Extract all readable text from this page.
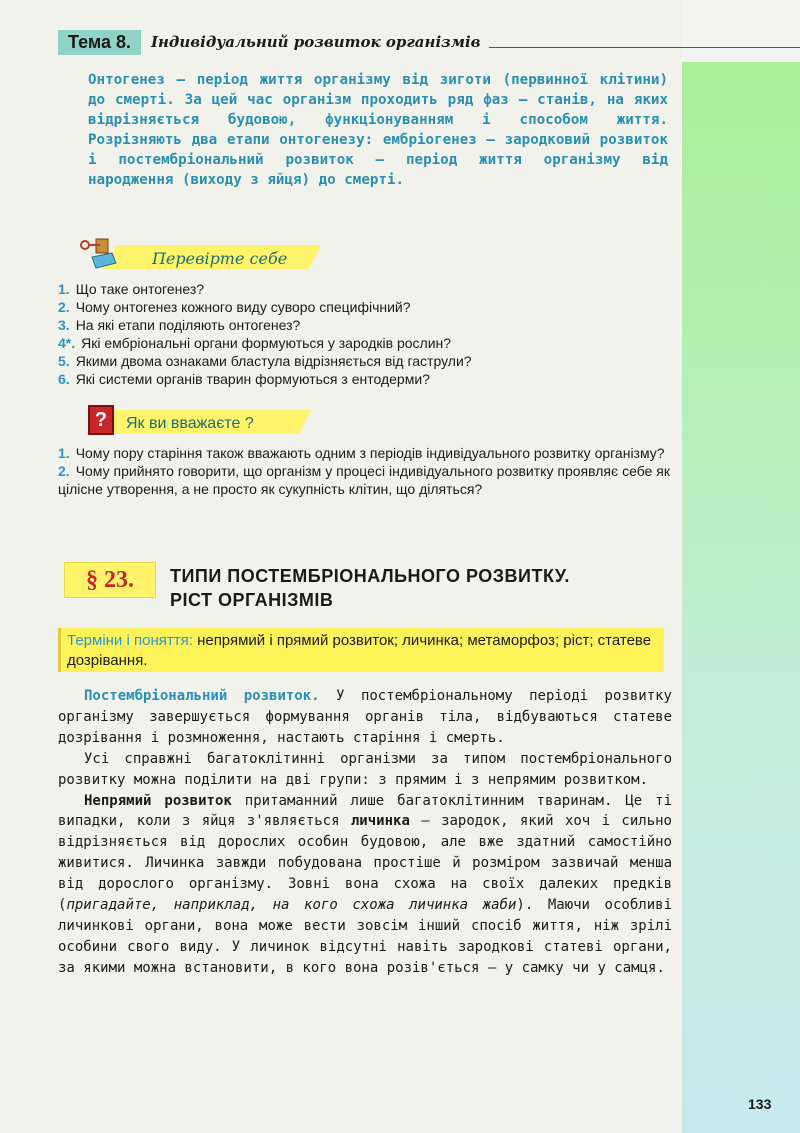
Тема 8.	Індивідуальний розвиток організмів

Онтогенез — період життя організму від зиготи (первинної клітини) до смерті. За цей час організм проходить ряд фаз — станів, на яких відрізняється будовою, функціонуванням і способом життя. Розрізняють два етапи онтогенезу: ембріогенез — зародковий розвиток і постембріональний розвиток — період життя організму від народження (виходу з яйця) до смерті.

Перевірте себе
1. Що таке онтогенез?
2. Чому онтогенез кожного виду суворо специфічний?
3. На які етапи поділяють онтогенез?
4*. Які ембріональні органи формуються у зародків рослин?
5. Якими двома ознаками бластула відрізняється від гаструли?
6. Які системи органів тварин формуються з ентодерми?
?	Як ви вважаєте ?
1. Чому пору старіння також вважають одним з періодів індивідуального розвитку організму?
2. Чому прийнято говорити, що організм у процесі індивідуального розвитку проявляє себе як цілісне утворення, а не просто як сукупність клітин, що діляться?
§ 23.	ТИПИ ПОСТЕМБРІОНАЛЬНОГО РОЗВИТКУ.
РІСТ ОРГАНІЗМІВ
Терміни і поняття: непрямий і прямий розвиток; личинка; метаморфоз; ріст; статеве дозрівання.

Постембріональний розвиток. У постембріональному періоді розвитку організму завершується формування органів тіла, відбуваються статеве дозрівання і розмноження, настають старіння і смерть.

Усі справжні багатоклітинні організми за типом постембріонального розвитку можна поділити на дві групи: з прямим і з непрямим розвитком.

Непрямий розвиток притаманний лише багатоклітинним тваринам. Це ті випадки, коли з яйця з'являється личинка — зародок, який хоч і сильно відрізняється від дорослих особин будовою, але вже здатний самостійно живитися. Личинка завжди побудована простіше й розміром зазвичай менша від дорослого організму. Зовні вона схожа на своїх далеких предків (пригадайте, наприклад, на кого схожа личинка жаби). Маючи особливі личинкові органи, вона може вести зовсім інший спосіб життя, ніж зрілі особини свого виду. У личинок відсутні навіть зародкові статеві органи, за якими можна встановити, в кого вона розів'ється — у самку чи у самця.

133
